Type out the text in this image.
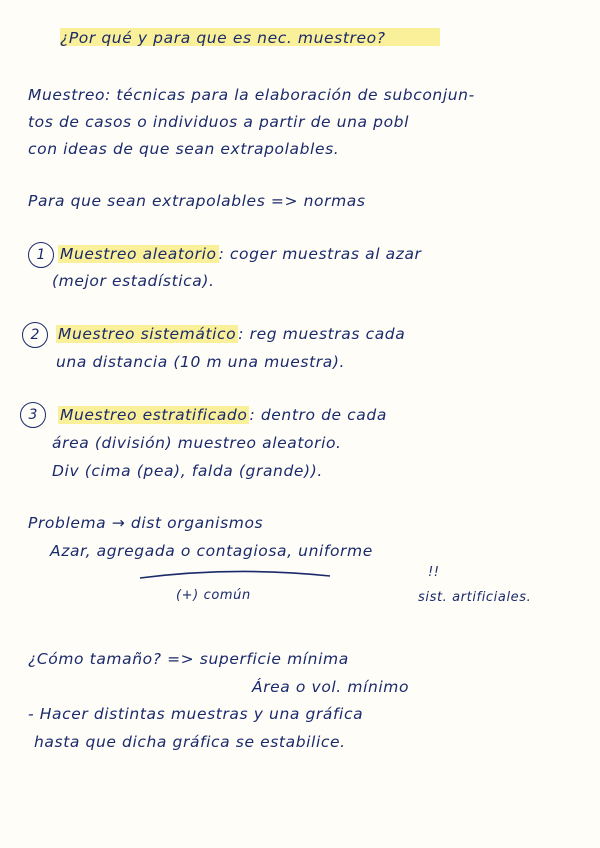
¿Por qué y para que es nec. muestreo?
Muestreo: técnicas para la elaboración de subconjun-
tos de casos o individuos a partir de una pobl
con ideas de que sean extrapolables.
Para que sean extrapolables => normas
1 Muestreo aleatorio : coger muestras al azar
(mejor estadística).
2	Muestreo sistemático : reg muestras cada
una distancia (10 m una muestra).
3	Muestreo estratificado : dentro de cada
área (división) muestreo aleatorio.
Div (cima (pea), falda (grande)).
Problema → dist organismos
Azar, agregada o contagiosa, uniforme
!!
(+) común	sist. artificiales.
¿Cómo tamaño? => superficie mínima
Área o vol. mínimo
- Hacer distintas muestras y una gráfica
hasta que dicha gráfica se estabilice.
